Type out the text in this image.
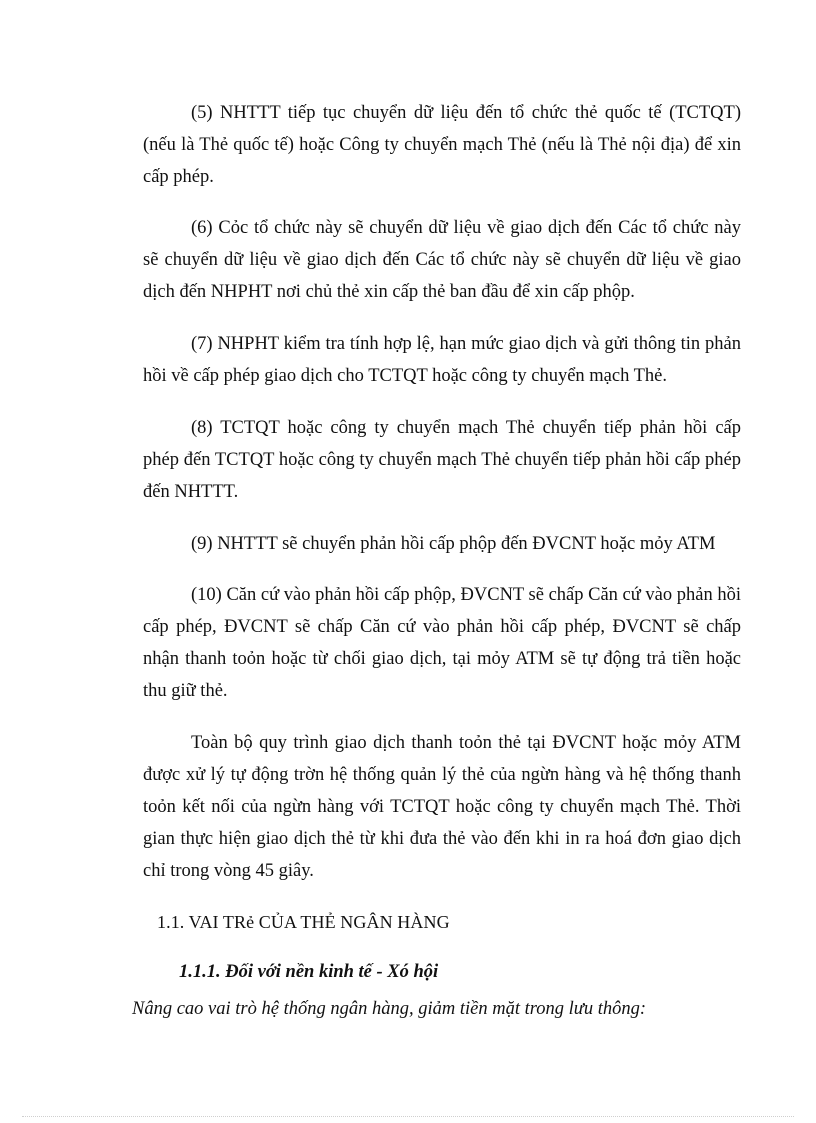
(5) NHTTT tiếp tục chuyển dữ liệu đến tổ chức thẻ quốc tế (TCTQT) (nếu là Thẻ quốc tế) hoặc Công ty chuyển mạch Thẻ (nếu là Thẻ nội địa) để xin cấp phép.

(6) Cỏc tổ chức này sẽ chuyển dữ liệu về giao dịch đến Các tổ chức này sẽ chuyển dữ liệu về giao dịch đến Các tổ chức này sẽ chuyển dữ liệu về giao dịch đến NHPHT nơi chủ thẻ xin cấp thẻ ban đầu để xin cấp phộp.

(7) NHPHT kiểm tra tính hợp lệ, hạn mức giao dịch và gửi thông tin phản hồi về cấp phép giao dịch cho TCTQT hoặc công ty chuyển mạch Thẻ.

(8) TCTQT hoặc công ty chuyển mạch Thẻ chuyển tiếp phản hồi cấp phép đến TCTQT hoặc công ty chuyển mạch Thẻ chuyển tiếp phản hồi cấp phép đến NHTTT.

(9) NHTTT sẽ chuyển phản hồi cấp phộp đến ĐVCNT hoặc mỏy ATM

(10) Căn cứ vào phản hồi cấp phộp, ĐVCNT sẽ chấp Căn cứ vào phản hồi cấp phép, ĐVCNT sẽ chấp Căn cứ vào phản hồi cấp phép, ĐVCNT sẽ chấp nhận thanh toỏn hoặc từ chối giao dịch, tại mỏy ATM sẽ tự động trả tiền hoặc thu giữ thẻ.

Toàn bộ quy trình giao dịch thanh toỏn thẻ tại ĐVCNT hoặc mỏy ATM được xử lý tự động trờn hệ thống quản lý thẻ của ngừn hàng và hệ thống thanh toỏn kết nối của ngừn hàng với TCTQT hoặc công ty chuyển mạch Thẻ. Thời gian thực hiện giao dịch thẻ từ khi đưa thẻ vào đến khi in ra hoá đơn giao dịch chỉ trong vòng 45 giây.

1.1. VAI TRẻ CỦA THẺ NGÂN HÀNG

1.1.1. Đối với nền kinh tế - Xó hội

Nâng cao vai trò hệ thống ngân hàng, giảm tiền mặt trong lưu thông:
